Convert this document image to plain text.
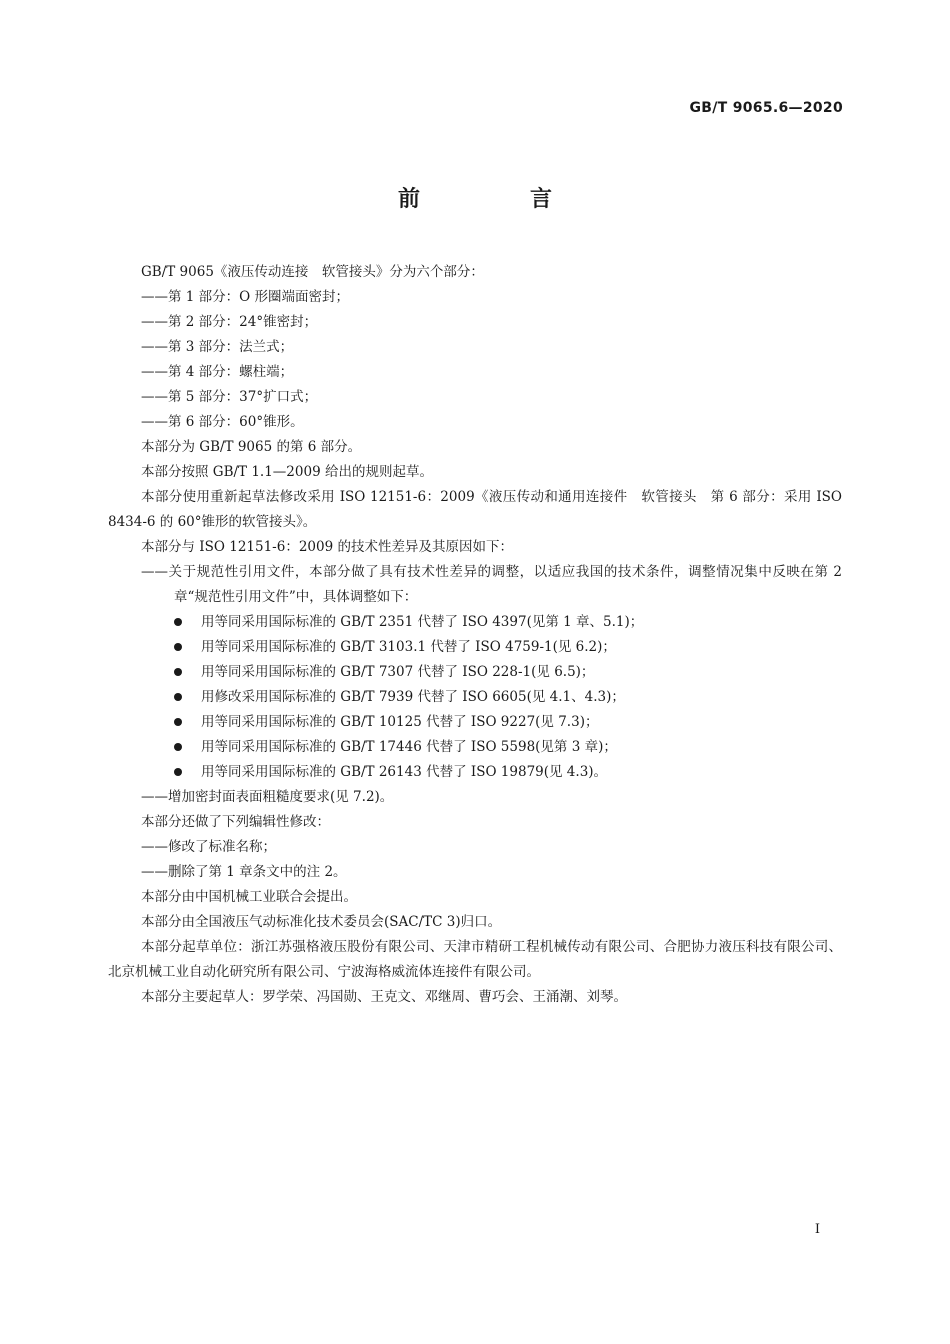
GB/T 9065.6—2020
前　言

GB/T 9065《液压传动连接　软管接头》分为六个部分：

——第 1 部分：O 形圈端面密封；

——第 2 部分：24°锥密封；

——第 3 部分：法兰式；

——第 4 部分：螺柱端；

——第 5 部分：37°扩口式；

——第 6 部分：60°锥形。

本部分为 GB/T 9065 的第 6 部分。

本部分按照 GB/T 1.1—2009 给出的规则起草。

本部分使用重新起草法修改采用 ISO 12151-6：2009《液压传动和通用连接件　软管接头　第 6 部分：采用 ISO 8434-6 的 60°锥形的软管接头》。

本部分与 ISO 12151-6：2009 的技术性差异及其原因如下：

——关于规范性引用文件，本部分做了具有技术性差异的调整，以适应我国的技术条件，调整情况集中反映在第 2 章“规范性引用文件”中，具体调整如下：

用等同采用国际标准的 GB/T 2351 代替了 ISO 4397(见第 1 章、5.1)；

用等同采用国际标准的 GB/T 3103.1 代替了 ISO 4759-1(见 6.2)；

用等同采用国际标准的 GB/T 7307 代替了 ISO 228-1(见 6.5)；

用修改采用国际标准的 GB/T 7939 代替了 ISO 6605(见 4.1、4.3)；

用等同采用国际标准的 GB/T 10125 代替了 ISO 9227(见 7.3)；

用等同采用国际标准的 GB/T 17446 代替了 ISO 5598(见第 3 章)；

用等同采用国际标准的 GB/T 26143 代替了 ISO 19879(见 4.3)。

——增加密封面表面粗糙度要求(见 7.2)。

本部分还做了下列编辑性修改：

——修改了标准名称；

——删除了第 1 章条文中的注 2。

本部分由中国机械工业联合会提出。

本部分由全国液压气动标准化技术委员会(SAC/TC 3)归口。

本部分起草单位：浙江苏强格液压股份有限公司、天津市精研工程机械传动有限公司、合肥协力液压科技有限公司、北京机械工业自动化研究所有限公司、宁波海格威流体连接件有限公司。

本部分主要起草人：罗学荣、冯国勋、王克文、邓继周、曹巧会、王涌潮、刘琴。

I
